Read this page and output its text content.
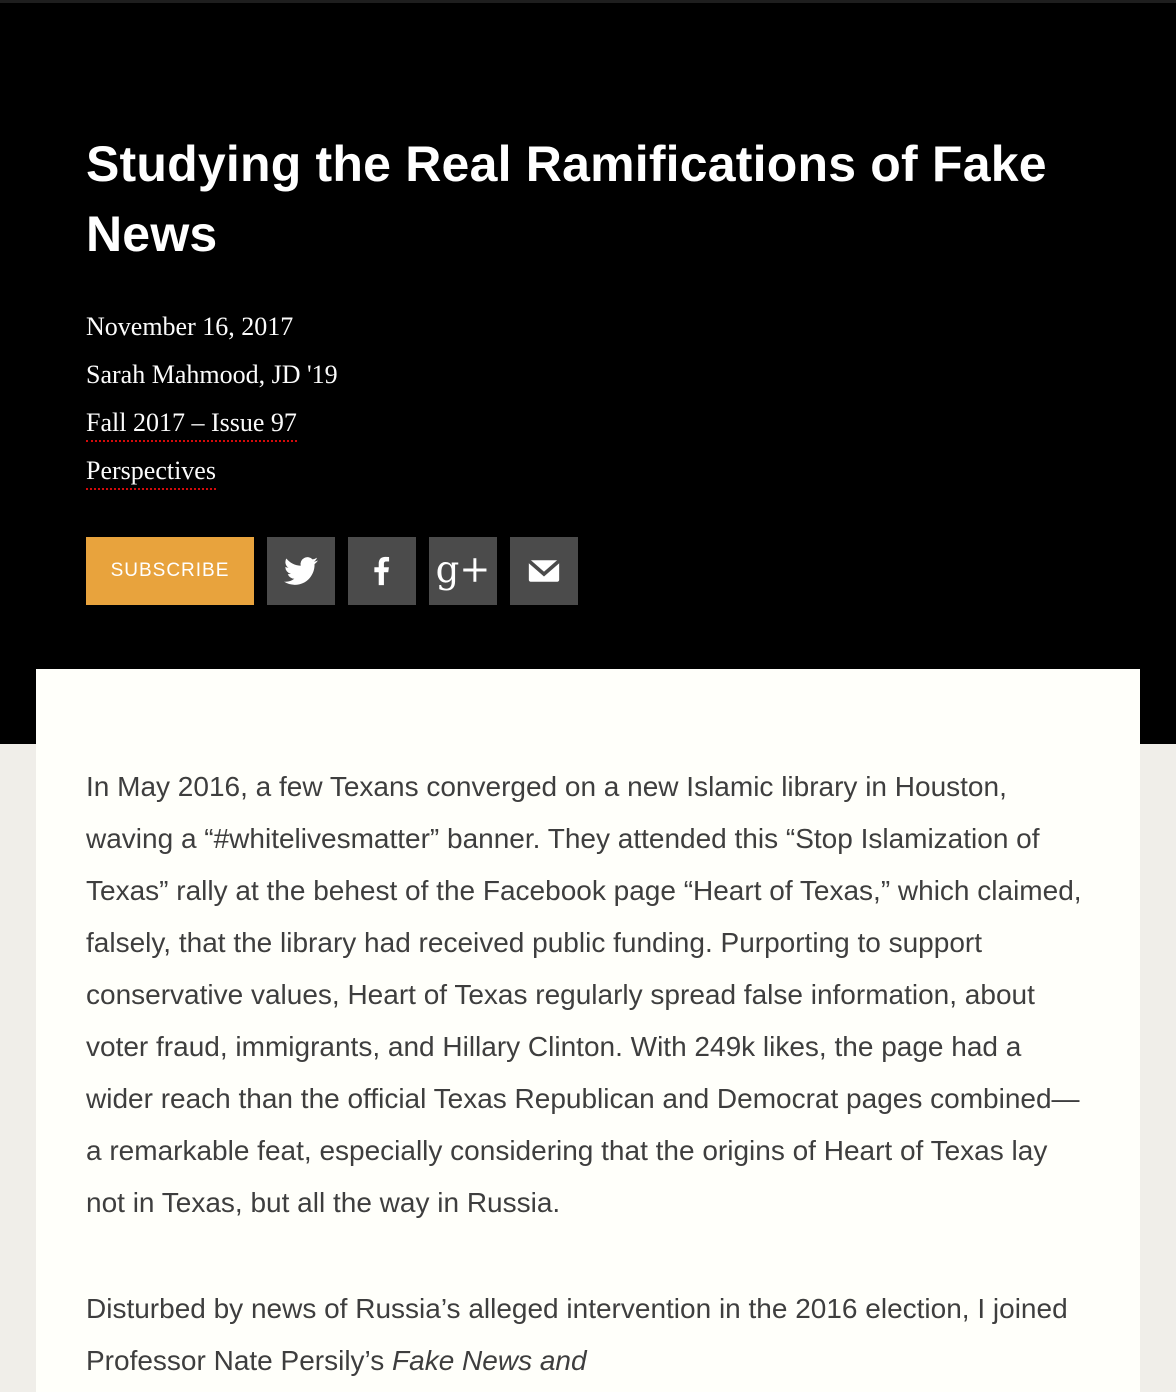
Studying the Real Ramifications of Fake News
November 16, 2017
Sarah Mahmood, JD '19
Fall 2017 – Issue 97
Perspectives
SUBSCRIBE	g+

In May 2016, a few Texans converged on a new Islamic library in Houston, waving a “#whitelivesmatter” banner. They attended this “Stop Islamization of Texas” rally at the behest of the Facebook page “Heart of Texas,” which claimed, falsely, that the library had received public funding. Purporting to support conservative values, Heart of Texas regularly spread false information, about voter fraud, immigrants, and Hillary Clinton. With 249k likes, the page had a wider reach than the official Texas Republican and Democrat pages combined—a remarkable feat, especially considering that the origins of Heart of Texas lay not in Texas, but all the way in Russia.

Disturbed by news of Russia’s alleged intervention in the 2016 election, I joined Professor Nate Persily’s Fake News and
